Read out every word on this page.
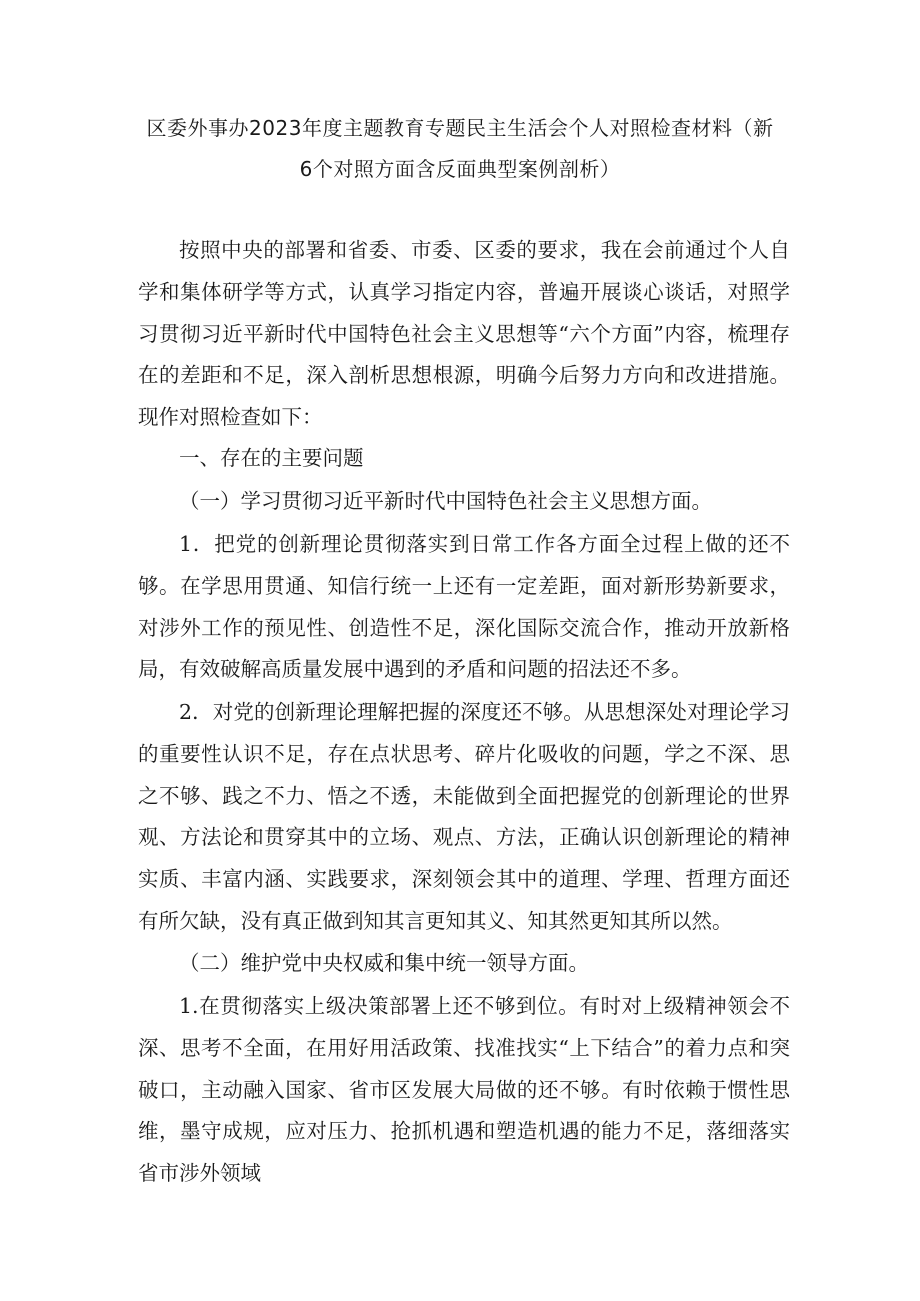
区委外事办2023年度主题教育专题民主生活会个人对照检查材料（新
6个对照方面含反面典型案例剖析）

按照中央的部署和省委、市委、区委的要求，我在会前通过个人自学和集体研学等方式，认真学习指定内容，普遍开展谈心谈话，对照学习贯彻习近平新时代中国特色社会主义思想等“六个方面”内容，梳理存在的差距和不足，深入剖析思想根源，明确今后努力方向和改进措施。现作对照检查如下：

一、存在的主要问题

（一）学习贯彻习近平新时代中国特色社会主义思想方面。

1．把党的创新理论贯彻落实到日常工作各方面全过程上做的还不够。在学思用贯通、知信行统一上还有一定差距，面对新形势新要求，对涉外工作的预见性、创造性不足，深化国际交流合作，推动开放新格局，有效破解高质量发展中遇到的矛盾和问题的招法还不多。

2．对党的创新理论理解把握的深度还不够。从思想深处对理论学习的重要性认识不足，存在点状思考、碎片化吸收的问题，学之不深、思之不够、践之不力、悟之不透，未能做到全面把握党的创新理论的世界观、方法论和贯穿其中的立场、观点、方法，正确认识创新理论的精神实质、丰富内涵、实践要求，深刻领会其中的道理、学理、哲理方面还有所欠缺，没有真正做到知其言更知其义、知其然更知其所以然。

（二）维护党中央权威和集中统一领导方面。

1.在贯彻落实上级决策部署上还不够到位。有时对上级精神领会不深、思考不全面，在用好用活政策、找准找实“上下结合”的着力点和突破口，主动融入国家、省市区发展大局做的还不够。有时依赖于惯性思维，墨守成规，应对压力、抢抓机遇和塑造机遇的能力不足，落细落实省市涉外领域
